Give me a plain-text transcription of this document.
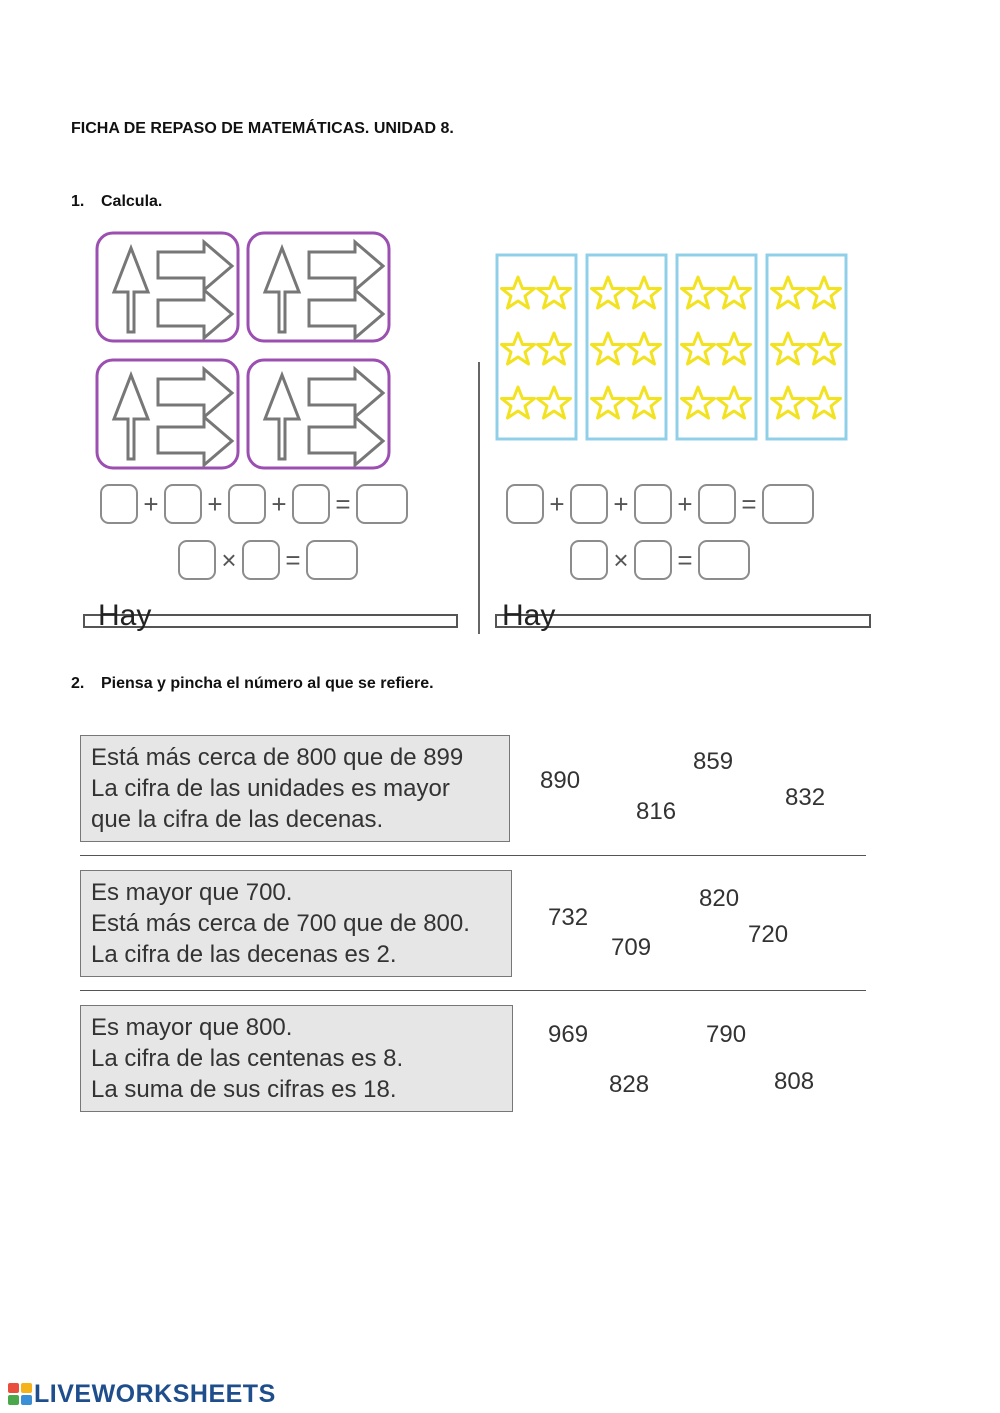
FICHA DE REPASO DE MATEMÁTICAS. UNIDAD 8.
1. Calcula.
+ + + =
× =
+ + + =
× =
Hay	Hay
2. Piensa y pincha el número al que se refiere.
Está más cerca de 800 que de 899
La cifra de las unidades es mayor
que la cifra de las decenas.
890
859
816
832
Es mayor que 700.
Está más cerca de 700 que de 800.
La cifra de las decenas es 2.
732
820
709	720
Es mayor que 800.
La cifra de las centenas es 8.
La suma de sus cifras es 18.
969	790
828	808
LIVEWORKSHEETS
